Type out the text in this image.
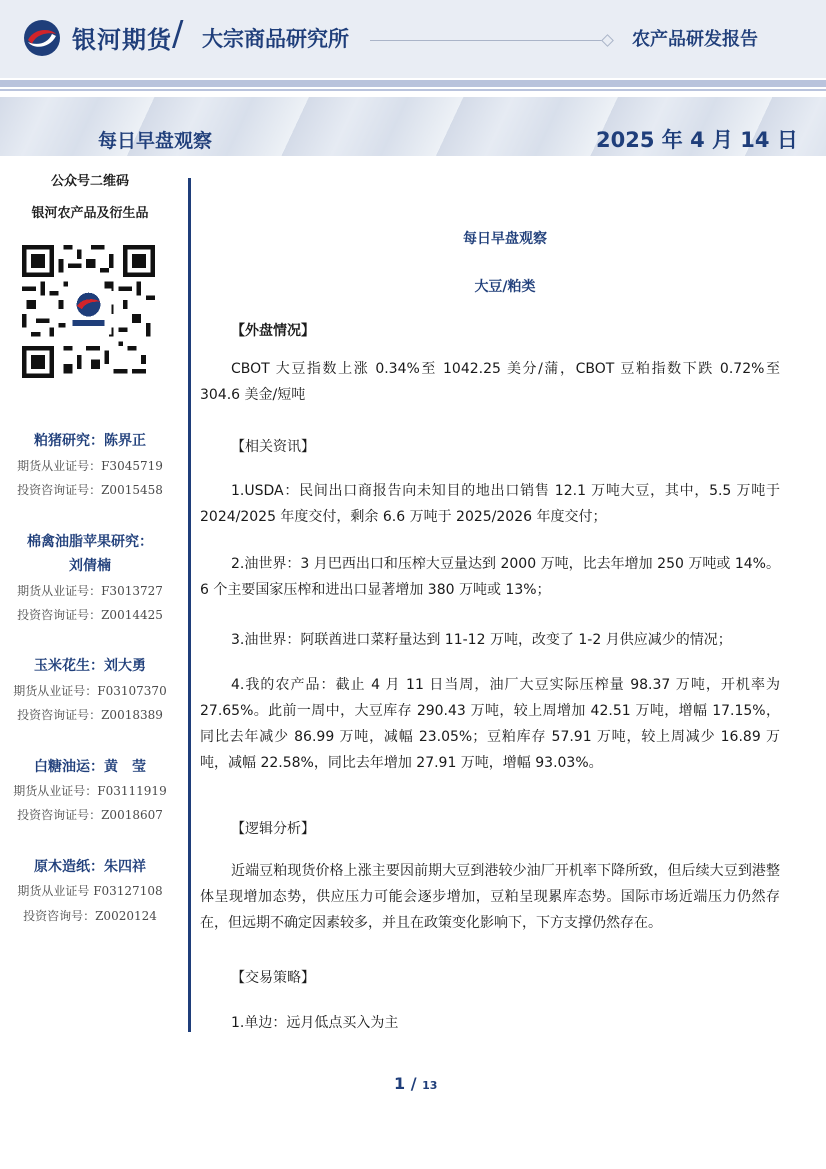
银河期货 / 大宗商品研究所	农产品研发报告
每日早盘观察	2025 年 4 月 14 日
公众号二维码
银河农产品及衍生品
粕猪研究：陈界正
期货从业证号：F3045719
投资咨询证号：Z0015458
棉禽油脂苹果研究：
刘倩楠
期货从业证号：F3013727
投资咨询证号：Z0014425
玉米花生：刘大勇
期货从业证号：F03107370
投资咨询证号：Z0018389
白糖油运：黄　莹
期货从业证号：F03111919
投资咨询证号：Z0018607
原木造纸：朱四祥
期货从业证号 F03127108
投资咨询号：Z0020124
每日早盘观察
大豆/粕类
【外盘情况】

CBOT 大豆指数上涨 0.34%至 1042.25 美分/蒲，CBOT 豆粕指数下跌 0.72%至 304.6 美金/短吨

【相关资讯】

1.USDA：民间出口商报告向未知目的地出口销售 12.1 万吨大豆，其中，5.5 万吨于 2024/2025 年度交付，剩余 6.6 万吨于 2025/2026 年度交付；

2.油世界：3 月巴西出口和压榨大豆量达到 2000 万吨，比去年增加 250 万吨或 14%。6 个主要国家压榨和进出口显著增加 380 万吨或 13%；

3.油世界：阿联酋进口菜籽量达到 11-12 万吨，改变了 1-2 月供应减少的情况；

4.我的农产品：截止 4 月 11 日当周，油厂大豆实际压榨量 98.37 万吨，开机率为 27.65%。此前一周中，大豆库存 290.43 万吨，较上周增加 42.51 万吨，增幅 17.15%，同比去年减少 86.99 万吨，减幅 23.05%；豆粕库存 57.91 万吨，较上周减少 16.89 万吨，减幅 22.58%，同比去年增加 27.91 万吨，增幅 93.03%。

【逻辑分析】

近端豆粕现货价格上涨主要因前期大豆到港较少油厂开机率下降所致，但后续大豆到港整体呈现增加态势，供应压力可能会逐步增加，豆粕呈现累库态势。国际市场近端压力仍然存在，但远期不确定因素较多，并且在政策变化影响下，下方支撑仍然存在。

【交易策略】
1.单边：远月低点买入为主
1 / 13
